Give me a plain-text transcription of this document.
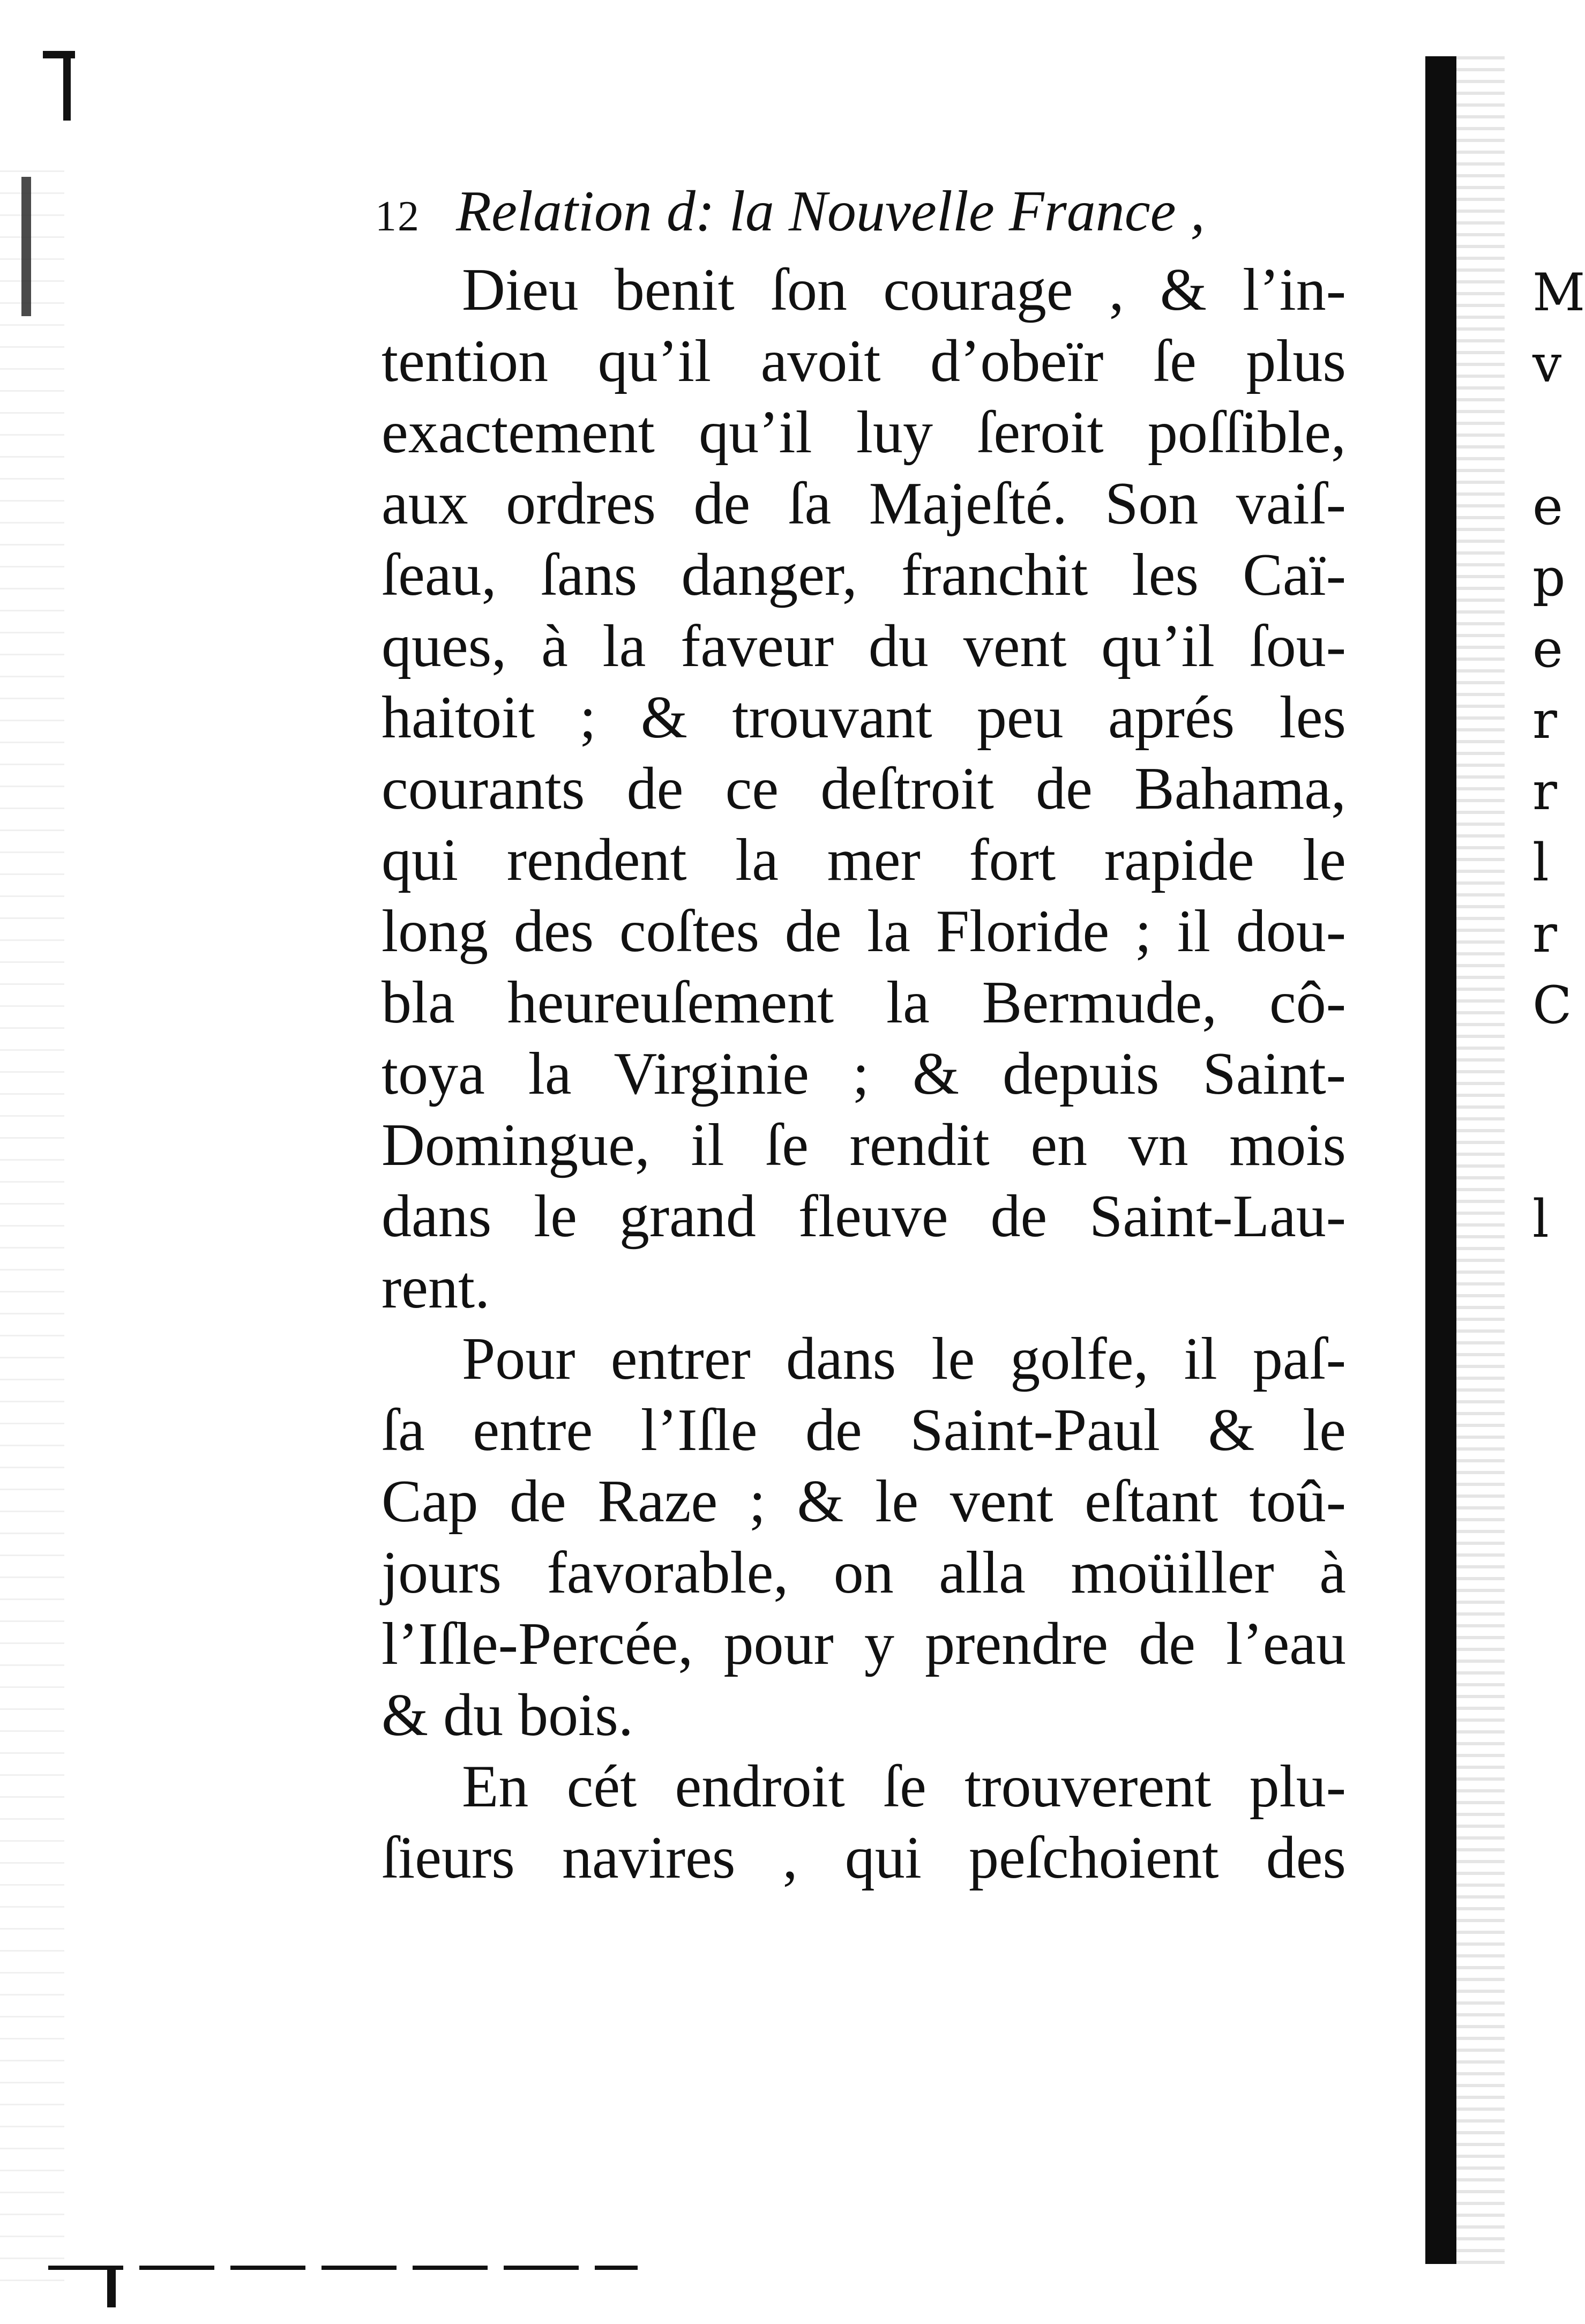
M
v
e
p
e
r
r
l
r
C
l
12 Relation d: la Nouvelle France ,
Dieu benit ſon courage , & l’in-
tention qu’il avoit d’obeïr ſe plus
exactement qu’il luy ſeroit poſſible,
aux ordres de ſa Majeſté. Son vaiſ-
ſeau, ſans danger, franchit les Caï-
ques, à la faveur du vent qu’il ſou-
haitoit ; & trouvant peu aprés les
courants de ce deſtroit de Bahama,
qui rendent la mer fort rapide le
long des coſtes de la Floride ; il dou-
bla heureuſement la Bermude, cô-
toya la Virginie ; & depuis Saint-
Domingue, il ſe rendit en vn mois
dans le grand fleuve de Saint-Lau-
rent.
Pour entrer dans le golfe, il paſ-
ſa entre l’Iſle de Saint-Paul & le
Cap de Raze ; & le vent eſtant toû-
jours favorable, on alla moüiller à
l’Iſle-Percée, pour y prendre de l’eau
& du bois.
En cét endroit ſe trouverent plu-
ſieurs navires , qui peſchoient des
